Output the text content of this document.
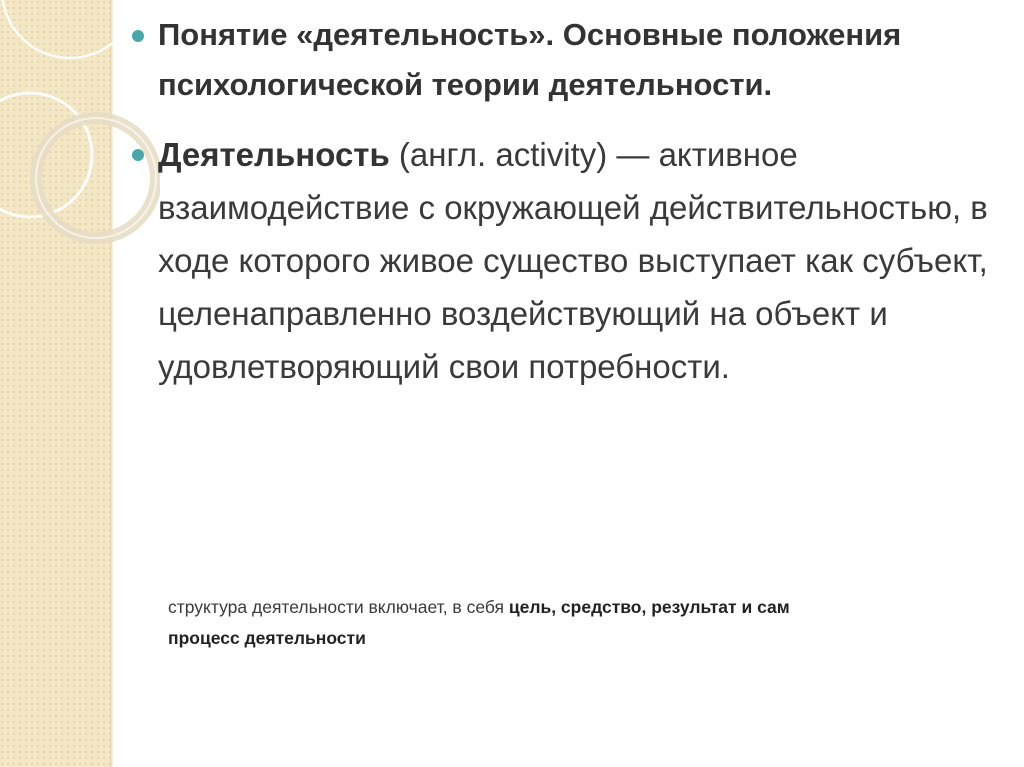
Понятие «деятельность». Основные положения психологической теории деятельности.
Деятельность (англ. activity) — активное взаимодействие с окружающей действительностью, в ходе которого живое существо выступает как субъект, целенаправленно воздействующий на объект и удовлетворяющий свои потребности.
структура деятельности включает, в себя цель, средство, результат и сам процесс деятельности
